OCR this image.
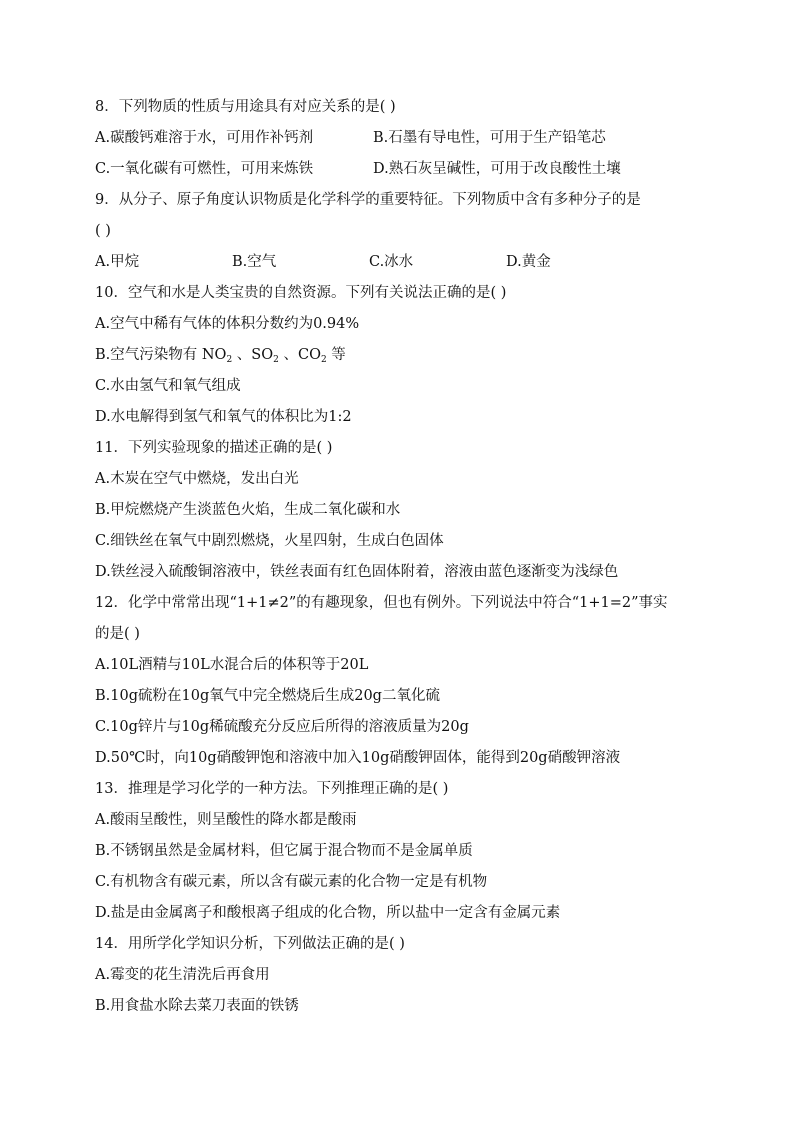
8．下列物质的性质与用途具有对应关系的是( )
A.碳酸钙难溶于水，可用作补钙剂	B.石墨有导电性，可用于生产铅笔芯
C.一氧化碳有可燃性，可用来炼铁	D.熟石灰呈碱性，可用于改良酸性土壤
9．从分子、原子角度认识物质是化学科学的重要特征。下列物质中含有多种分子的是
( )
A.甲烷	B.空气	C.冰水	D.黄金
10．空气和水是人类宝贵的自然资源。下列有关说法正确的是( )
A.空气中稀有气体的体积分数约为0.94%
B.空气污染物有 $NO_2$ 、$SO_2$ 、$CO_2$ 等
C.水由氢气和氧气组成
D.水电解得到氢气和氧气的体积比为1:2
11．下列实验现象的描述正确的是( )
A.木炭在空气中燃烧，发出白光
B.甲烷燃烧产生淡蓝色火焰，生成二氧化碳和水
C.细铁丝在氧气中剧烈燃烧，火星四射，生成白色固体
D.铁丝浸入硫酸铜溶液中，铁丝表面有红色固体附着，溶液由蓝色逐渐变为浅绿色
12．化学中常常出现“1+1≠2”的有趣现象，但也有例外。下列说法中符合“1+1=2”事实
的是( )
A.10L酒精与10L水混合后的体积等于20L
B.10g硫粉在10g氧气中完全燃烧后生成20g二氧化硫
C.10g锌片与10g稀硫酸充分反应后所得的溶液质量为20g
D.50℃时，向10g硝酸钾饱和溶液中加入10g硝酸钾固体，能得到20g硝酸钾溶液
13．推理是学习化学的一种方法。下列推理正确的是( )
A.酸雨呈酸性，则呈酸性的降水都是酸雨
B.不锈钢虽然是金属材料，但它属于混合物而不是金属单质
C.有机物含有碳元素，所以含有碳元素的化合物一定是有机物
D.盐是由金属离子和酸根离子组成的化合物，所以盐中一定含有金属元素
14．用所学化学知识分析，下列做法正确的是( )
A.霉变的花生清洗后再食用
B.用食盐水除去菜刀表面的铁锈
